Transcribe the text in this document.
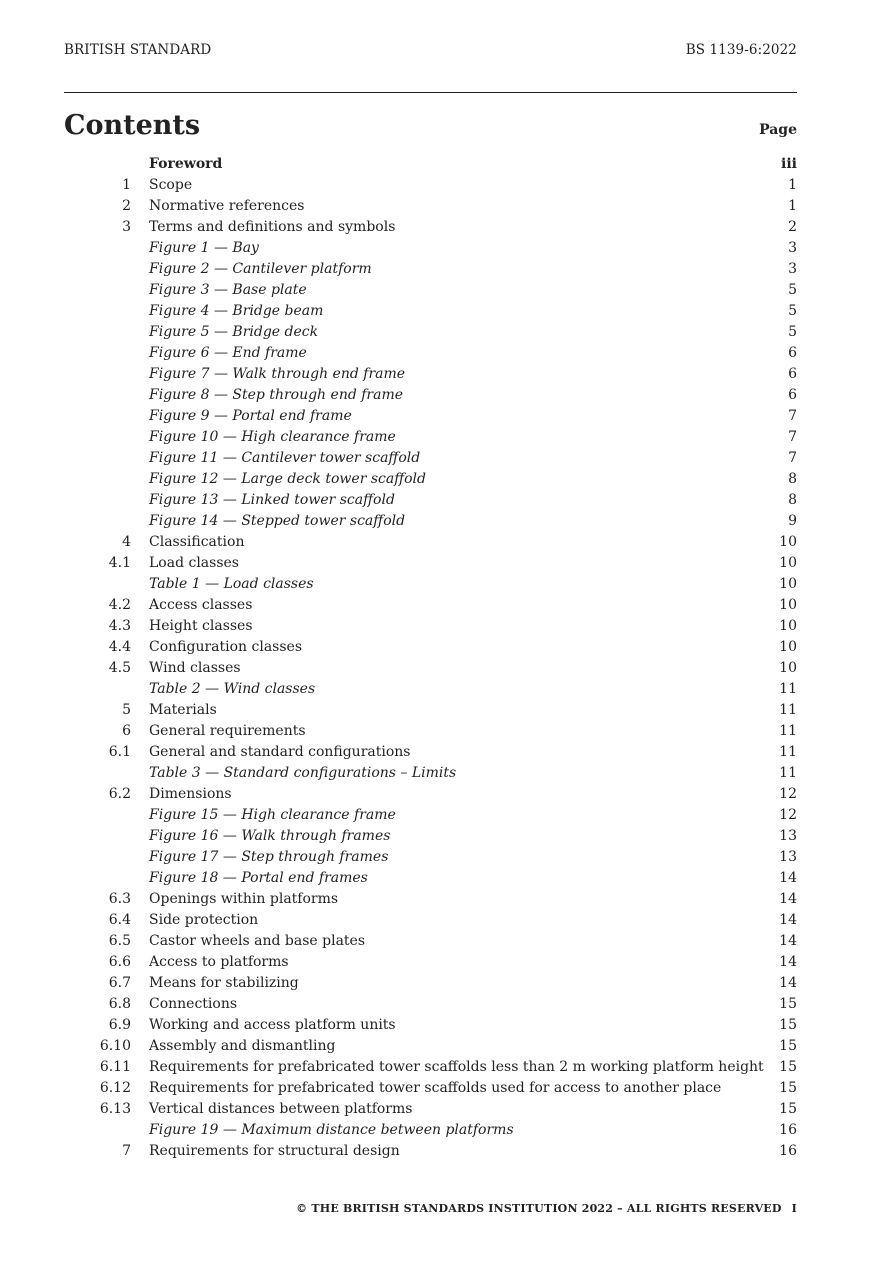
BRITISH STANDARD	BS 1139-6:2022
Contents	Page
Foreword	iii
1 Scope	1
2 Normative references	1
3 Terms and definitions and symbols	2
Figure 1 — Bay	3
Figure 2 — Cantilever platform	3
Figure 3 — Base plate	5
Figure 4 — Bridge beam	5
Figure 5 — Bridge deck	5
Figure 6 — End frame	6
Figure 7 — Walk through end frame	6
Figure 8 — Step through end frame	6
Figure 9 — Portal end frame	7
Figure 10 — High clearance frame	7
Figure 11 — Cantilever tower scaffold	7
Figure 12 — Large deck tower scaffold	8
Figure 13 — Linked tower scaffold	8
Figure 14 — Stepped tower scaffold	9
4 Classification	10
4.1 Load classes	10
Table 1 — Load classes	10
4.2 Access classes	10
4.3 Height classes	10
4.4 Configuration classes	10
4.5 Wind classes	10
Table 2 — Wind classes	11
5 Materials	11
6 General requirements	11
6.1 General and standard configurations	11
Table 3 — Standard configurations – Limits	11
6.2 Dimensions	12
Figure 15 — High clearance frame	12
Figure 16 — Walk through frames	13
Figure 17 — Step through frames	13
Figure 18 — Portal end frames	14
6.3 Openings within platforms	14
6.4 Side protection	14
6.5 Castor wheels and base plates	14
6.6 Access to platforms	14
6.7 Means for stabilizing	14
6.8 Connections	15
6.9 Working and access platform units	15
6.10 Assembly and dismantling	15
6.11 Requirements for prefabricated tower scaffolds less than 2 m working platform height 15
6.12 Requirements for prefabricated tower scaffolds used for access to another place	15
6.13 Vertical distances between platforms	15
Figure 19 — Maximum distance between platforms	16
7 Requirements for structural design	16
© THE BRITISH STANDARDS INSTITUTION 2022 – ALL RIGHTS RESERVED I
